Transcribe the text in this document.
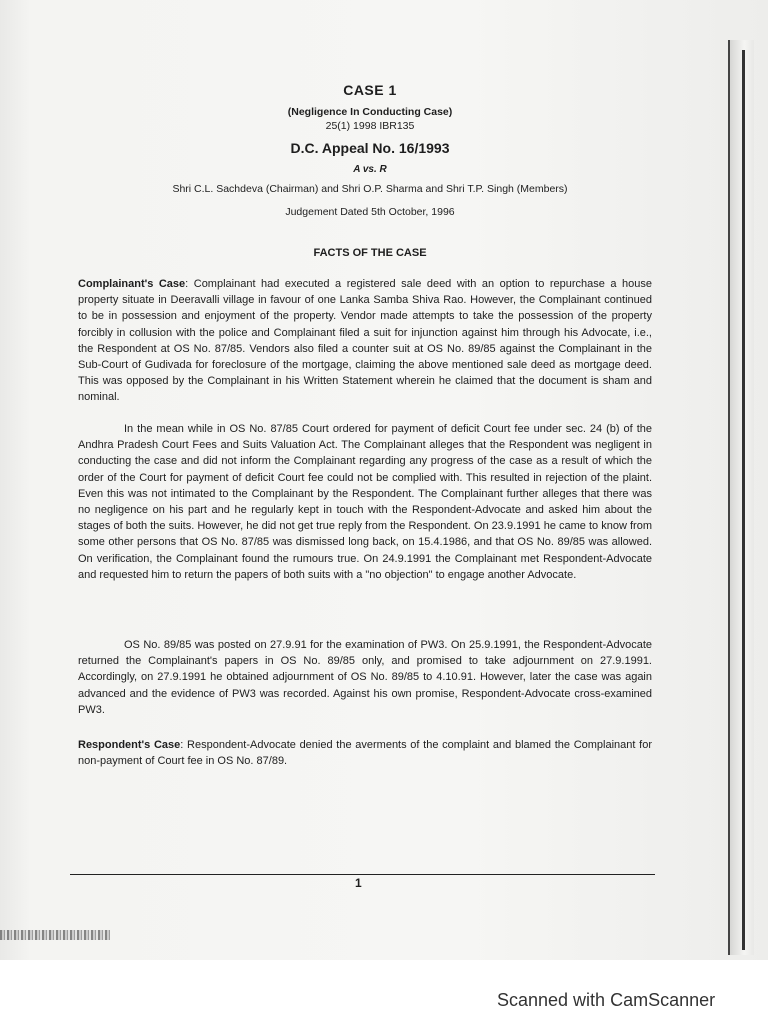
CASE 1
(Negligence In Conducting Case)
25(1) 1998 IBR135
D.C. Appeal No. 16/1993
A vs. R
Shri C.L. Sachdeva (Chairman) and Shri O.P. Sharma and Shri T.P. Singh (Members)
Judgement Dated 5th October, 1996
FACTS OF THE CASE

Complainant's Case: Complainant had executed a registered sale deed with an option to repurchase a house property situate in Deeravalli village in favour of one Lanka Samba Shiva Rao. However, the Complainant continued to be in possession and enjoyment of the property. Vendor made attempts to take the possession of the property forcibly in collusion with the police and Complainant filed a suit for injunction against him through his Advocate, i.e., the Respondent at OS No. 87/85. Vendors also filed a counter suit at OS No. 89/85 against the Complainant in the Sub-Court of Gudivada for foreclosure of the mortgage, claiming the above mentioned sale deed as mortgage deed. This was opposed by the Complainant in his Written Statement wherein he claimed that the document is sham and nominal.

In the mean while in OS No. 87/85 Court ordered for payment of deficit Court fee under sec. 24 (b) of the Andhra Pradesh Court Fees and Suits Valuation Act. The Complainant alleges that the Respondent was negligent in conducting the case and did not inform the Complainant regarding any progress of the case as a result of which the order of the Court for payment of deficit Court fee could not be complied with. This resulted in rejection of the plaint. Even this was not intimated to the Complainant by the Respondent. The Complainant further alleges that there was no negligence on his part and he regularly kept in touch with the Respondent-Advocate and asked him about the stages of both the suits. However, he did not get true reply from the Respondent. On 23.9.1991 he came to know from some other persons that OS No. 87/85 was dismissed long back, on 15.4.1986, and that OS No. 89/85 was allowed. On verification, the Complainant found the rumours true. On 24.9.1991 the Complainant met Respondent-Advocate and requested him to return the papers of both suits with a "no objection" to engage another Advocate.

OS No. 89/85 was posted on 27.9.91 for the examination of PW3. On 25.9.1991, the Respondent-Advocate returned the Complainant's papers in OS No. 89/85 only, and promised to take adjournment on 27.9.1991. Accordingly, on 27.9.1991 he obtained adjournment of OS No. 89/85 to 4.10.91. However, later the case was again advanced and the evidence of PW3 was recorded. Against his own promise, Respondent-Advocate cross-examined PW3.

Respondent's Case: Respondent-Advocate denied the averments of the complaint and blamed the Complainant for non-payment of Court fee in OS No. 87/89.

1
Scanned with CamScanner
